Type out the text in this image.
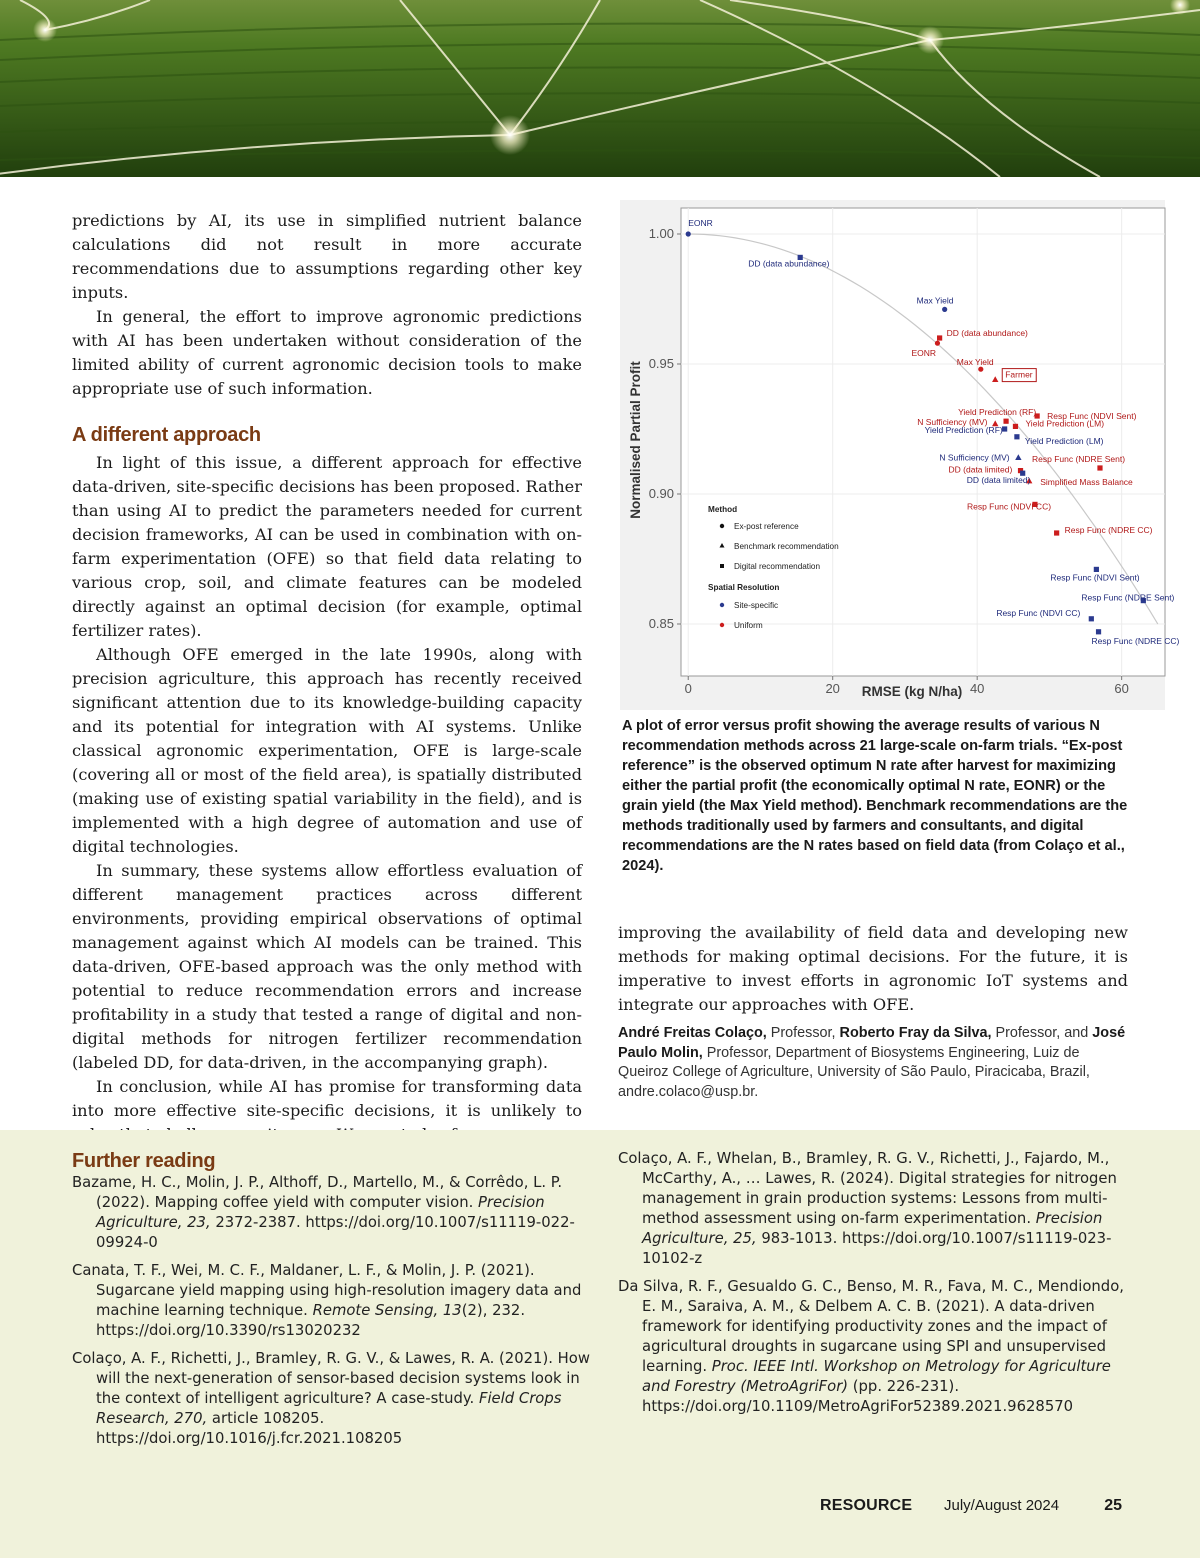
predictions by AI, its use in simplified nutrient balance calculations did not result in more accurate recommendations due to assumptions regarding other key inputs.

In general, the effort to improve agronomic predictions with AI has been undertaken without consideration of the limited ability of current agronomic decision tools to make appropriate use of such information.

A different approach

In light of this issue, a different approach for effective data-driven, site-specific decisions has been proposed. Rather than using AI to predict the parameters needed for current decision frameworks, AI can be used in combination with on-farm experimentation (OFE) so that field data relating to various crop, soil, and climate features can be modeled directly against an optimal decision (for example, optimal fertilizer rates).

Although OFE emerged in the late 1990s, along with precision agriculture, this approach has recently received significant attention due to its knowledge-building capacity and its potential for integration with AI systems. Unlike classical agronomic experimentation, OFE is large-scale (covering all or most of the field area), is spatially distributed (making use of existing spatial variability in the field), and is implemented with a high degree of automation and use of digital technologies.

In summary, these systems allow effortless evaluation of different management practices across different environments, providing empirical observations of optimal management against which AI models can be trained. This data-driven, OFE-based approach was the only method with potential to reduce recommendation errors and increase profitability in a study that tested a range of digital and non-digital methods for nitrogen fertilizer recommendation (labeled DD, for data-driven, in the accompanying graph).

In conclusion, while AI has promise for transforming data into more effective site-specific decisions, it is unlikely to

EONR
DD (data abundance)
Max Yield
DD (data abundance)
EONR
Max Yield
Farmer
Resp Func (NDVI Sent)
Yield Prediction (RF)
N Sufficiency (MV)	Yield Prediction (LM)
Yield Prediction (RF)
Yield Prediction (LM)
N Sufficiency (MV)	Resp Func (NDRE Sent)
DD (data limited)
Simplified Mass Balance
DD (data limited)
Resp Func (NDVI CC)
Resp Func (NDRE CC)
Resp Func (NDVI Sent)
Resp Func (NDRE Sent)
Resp Func (NDVI CC)
Resp Func (NDRE CC)
0.85
0.90
0.95
1.00
0	20	40	60
RMSE (kg N/ha)
Normalised Partial Profit	Method
Ex-post reference
Benchmark recommendation
Digital recommendation
Spatial Resolution
Site-specific
Uniform

A plot of error versus profit showing the average results of various N recommendation methods across 21 large-scale on-farm trials. “Ex-post reference” is the observed optimum N rate after harvest for maximizing either the partial profit (the economically optimal N rate, EONR) or the grain yield (the Max Yield method). Benchmark recommendations are the methods traditionally used by farmers and consultants, and digital recommendations are the N rates based on field data (from Colaço et al., 2024).

improving the availability of field data and developing new methods for making optimal decisions. For the future, it is imperative to invest efforts in agronomic IoT systems and integrate our approaches with OFE.

André Freitas Colaço, Professor, Roberto Fray da Silva, Professor, and José Paulo Molin, Professor, Department of Biosystems Engineering, Luiz de Queiroz College of Agriculture, University of São Paulo, Piracicaba, Brazil, andre.colaco@usp.br.

Further reading

Bazame, H. C., Molin, J. P., Althoff, D., Martello, M., & Corrêdo, L. P. (2022). Mapping coffee yield with computer vision. Precision Agriculture, 23, 2372-2387. https://doi.org/10.1007/s11119-022-09924-0

Canata, T. F., Wei, M. C. F., Maldaner, L. F., & Molin, J. P. (2021). Sugarcane yield mapping using high-resolution imagery data and machine learning technique. Remote Sensing, 13(2), 232. https://doi.org/10.3390/rs13020232

Colaço, A. F., Richetti, J., Bramley, R. G. V., & Lawes, R. A. (2021). How will the next-generation of sensor-based decision systems look in the context of intelligent agriculture? A case-study. Field Crops Research, 270, article 108205. https://doi.org/10.1016/j.fcr.2021.108205

Colaço, A. F., Whelan, B., Bramley, R. G. V., Richetti, J., Fajardo, M., McCarthy, A., … Lawes, R. (2024). Digital strategies for nitrogen management in grain production systems: Lessons from multi-method assessment using on-farm experimentation. Precision Agriculture, 25, 983-1013. https://doi.org/10.1007/s11119-023-10102-z

Da Silva, R. F., Gesualdo G. C., Benso, M. R., Fava, M. C., Mendiondo, E. M., Saraiva, A. M., & Delbem A. C. B. (2021). A data-driven framework for identifying productivity zones and the impact of agricultural droughts in sugarcane using SPI and unsupervised learning. Proc. IEEE Intl. Workshop on Metrology for Agriculture and Forestry (MetroAgriFor) (pp. 226-231). https://doi.org/10.1109/MetroAgriFor52389.2021.9628570

RESOURCE July/August 2024	25
